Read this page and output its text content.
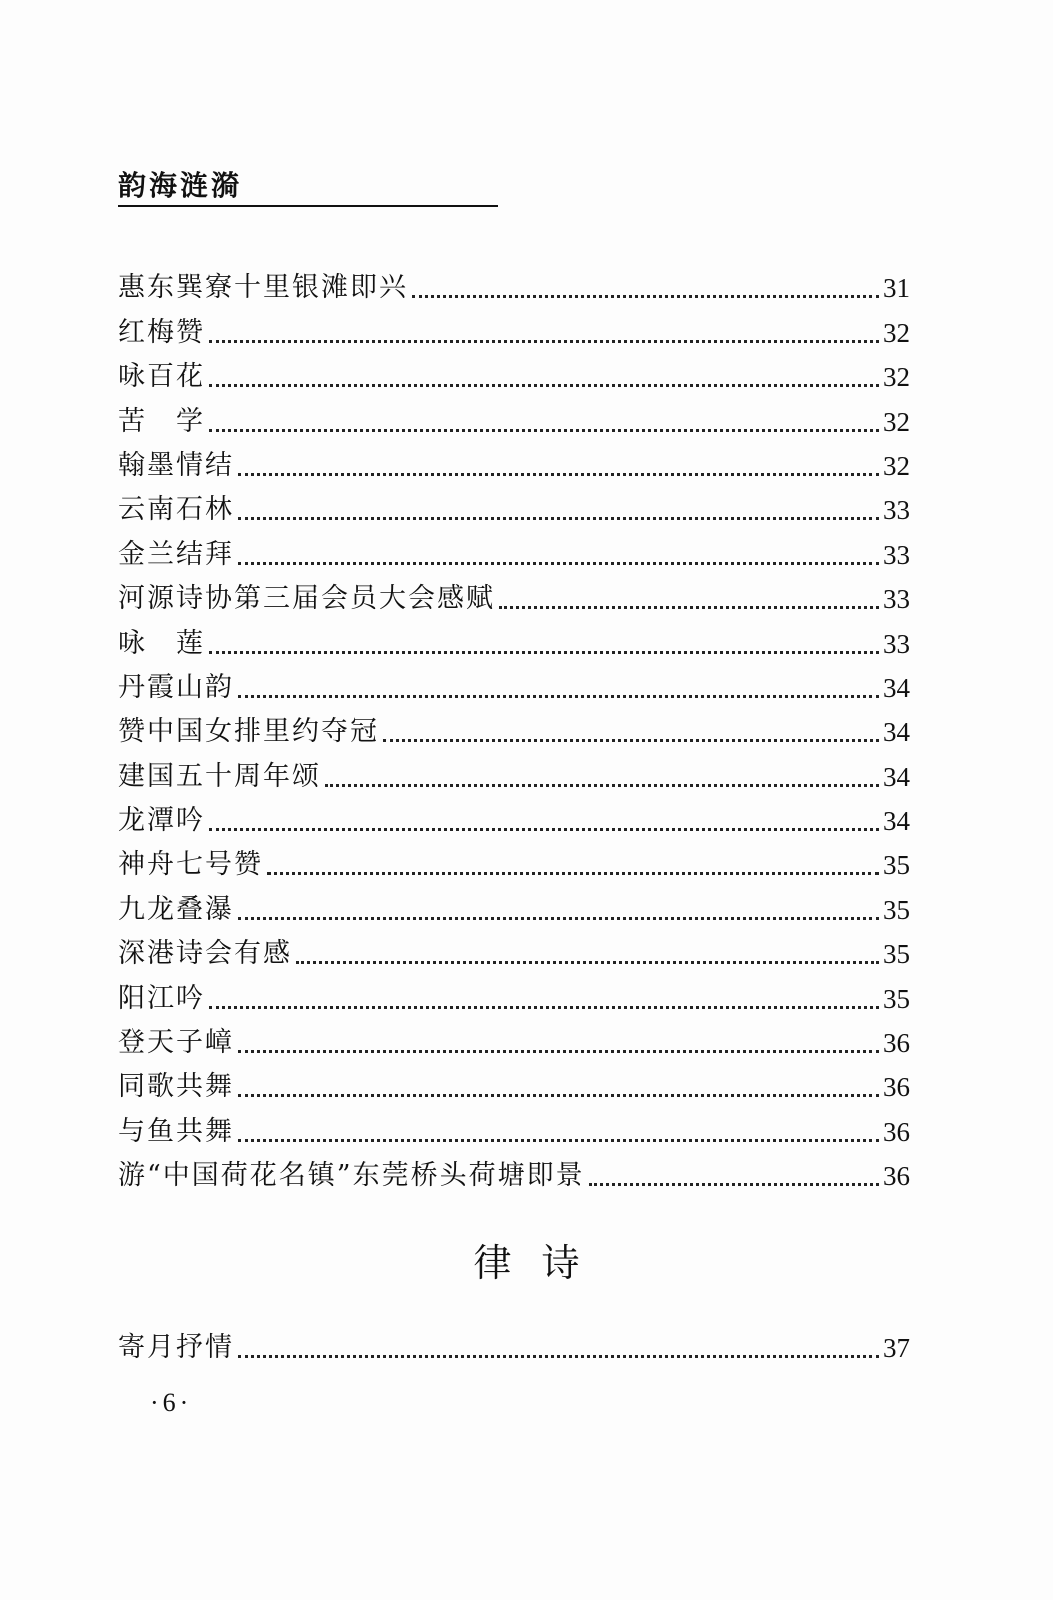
韵海涟漪
惠东巽寮十里银滩即兴	31
红梅赞	32
咏百花	32
苦　学	32
翰墨情结	32
云南石林	33
金兰结拜	33
河源诗协第三届会员大会感赋	33
咏　莲	33
丹霞山韵	34
赞中国女排里约夺冠	34
建国五十周年颂	34
龙潭吟	34
神舟七号赞	35
九龙叠瀑	35
深港诗会有感	35
阳江吟	35
登天子嶂	36
同歌共舞	36
与鱼共舞	36
游“中国荷花名镇”东莞桥头荷塘即景	36
律诗
寄月抒情	37
·6·
